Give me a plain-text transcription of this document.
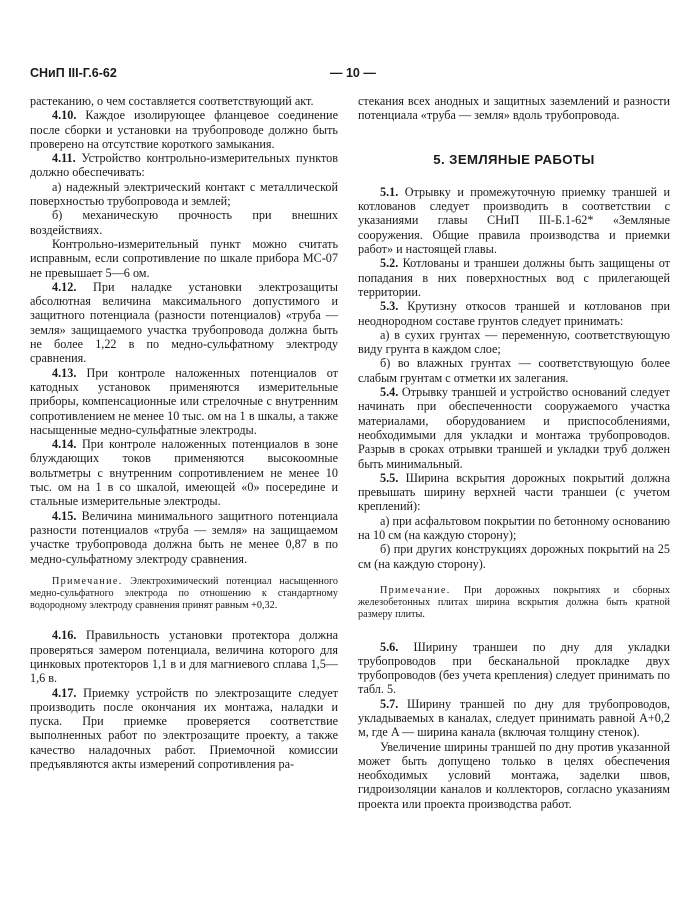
СНиП III-Г.6-62	— 10 —

растеканию, о чем составляется соответствующий акт.

4.10. Каждое изолирующее фланцевое соединение после сборки и установки на трубопроводе должно быть проверено на отсутствие короткого замыкания.

4.11. Устройство контрольно-измерительных пунктов должно обеспечивать:

а) надежный электрический контакт с металлической поверхностью трубопровода и землей;

б) механическую прочность при внешних воздействиях.

Контрольно-измерительный пункт можно считать исправным, если сопротивление по шкале прибора МС-07 не превышает 5—6 ом.

4.12. При наладке установки электрозащиты абсолютная величина максимального допустимого и защитного потенциала (разности потенциалов) «труба — земля» защищаемого участка трубопровода должна быть не более 1,22 в по медно-сульфатному электроду сравнения.

4.13. При контроле наложенных потенциалов от катодных установок применяются измерительные приборы, компенсационные или стрелочные с внутренним сопротивлением не менее 10 тыс. ом на 1 в шкалы, а также насыщенные медно-сульфатные электроды.

4.14. При контроле наложенных потенциалов в зоне блуждающих токов применяются высокоомные вольтметры с внутренним сопротивлением не менее 10 тыс. ом на 1 в со шкалой, имеющей «0» посередине и стальные измерительные электроды.

4.15. Величина минимального защитного потенциала разности потенциалов «труба — земля» на защищаемом участке трубопровода должна быть не менее 0,87 в по медно-сульфатному электроду сравнения.

Примечание. Электрохимический потенциал насыщенного медно-сульфатного электрода по отношению к стандартному водородному электроду сравнения принят равным +0,32.

4.16. Правильность установки протектора должна проверяться замером потенциала, величина которого для цинковых протекторов 1,1 в и для магниевого сплава 1,5—1,6 в.

4.17. Приемку устройств по электрозащите следует производить после окончания их монтажа, наладки и пуска. При приемке проверяется соответствие выполненных работ по электрозащите проекту, а также качество наладочных работ. Приемочной комиссии предъявляются акты измерений сопротивления ра-

стекания всех анодных и защитных заземлений и разности потенциала «труба — земля» вдоль трубопровода.

5. ЗЕМЛЯНЫЕ РАБОТЫ

5.1. Отрывку и промежуточную приемку траншей и котлованов следует производить в соответствии с указаниями главы СНиП III-Б.1-62* «Земляные сооружения. Общие правила производства и приемки работ» и настоящей главы.

5.2. Котлованы и траншеи должны быть защищены от попадания в них поверхностных вод с прилегающей территории.

5.3. Крутизну откосов траншей и котлованов при неоднородном составе грунтов следует принимать:

а) в сухих грунтах — переменную, соответствующую виду грунта в каждом слое;

б) во влажных грунтах — соответствующую более слабым грунтам с отметки их залегания.

5.4. Отрывку траншей и устройство оснований следует начинать при обеспеченности сооружаемого участка материалами, оборудованием и приспособлениями, необходимыми для укладки и монтажа трубопроводов. Разрыв в сроках отрывки траншей и укладки труб должен быть минимальный.

5.5. Ширина вскрытия дорожных покрытий должна превышать ширину верхней части траншеи (с учетом креплений):

а) при асфальтовом покрытии по бетонному основанию на 10 см (на каждую сторону);

б) при других конструкциях дорожных покрытий на 25 см (на каждую сторону).

Примечание. При дорожных покрытиях и сборных железобетонных плитах ширина вскрытия должна быть кратной размеру плиты.

5.6. Ширину траншеи по дну для укладки трубопроводов при бесканальной прокладке двух трубопроводов (без учета крепления) следует принимать по табл. 5.

5.7. Ширину траншей по дну для трубопроводов, укладываемых в каналах, следует принимать равной A+0,2 м, где A — ширина канала (включая толщину стенок).

Увеличение ширины траншей по дну против указанной может быть допущено только в целях обеспечения необходимых условий монтажа, заделки швов, гидроизоляции каналов и коллекторов, согласно указаниям проекта или проекта производства работ.
